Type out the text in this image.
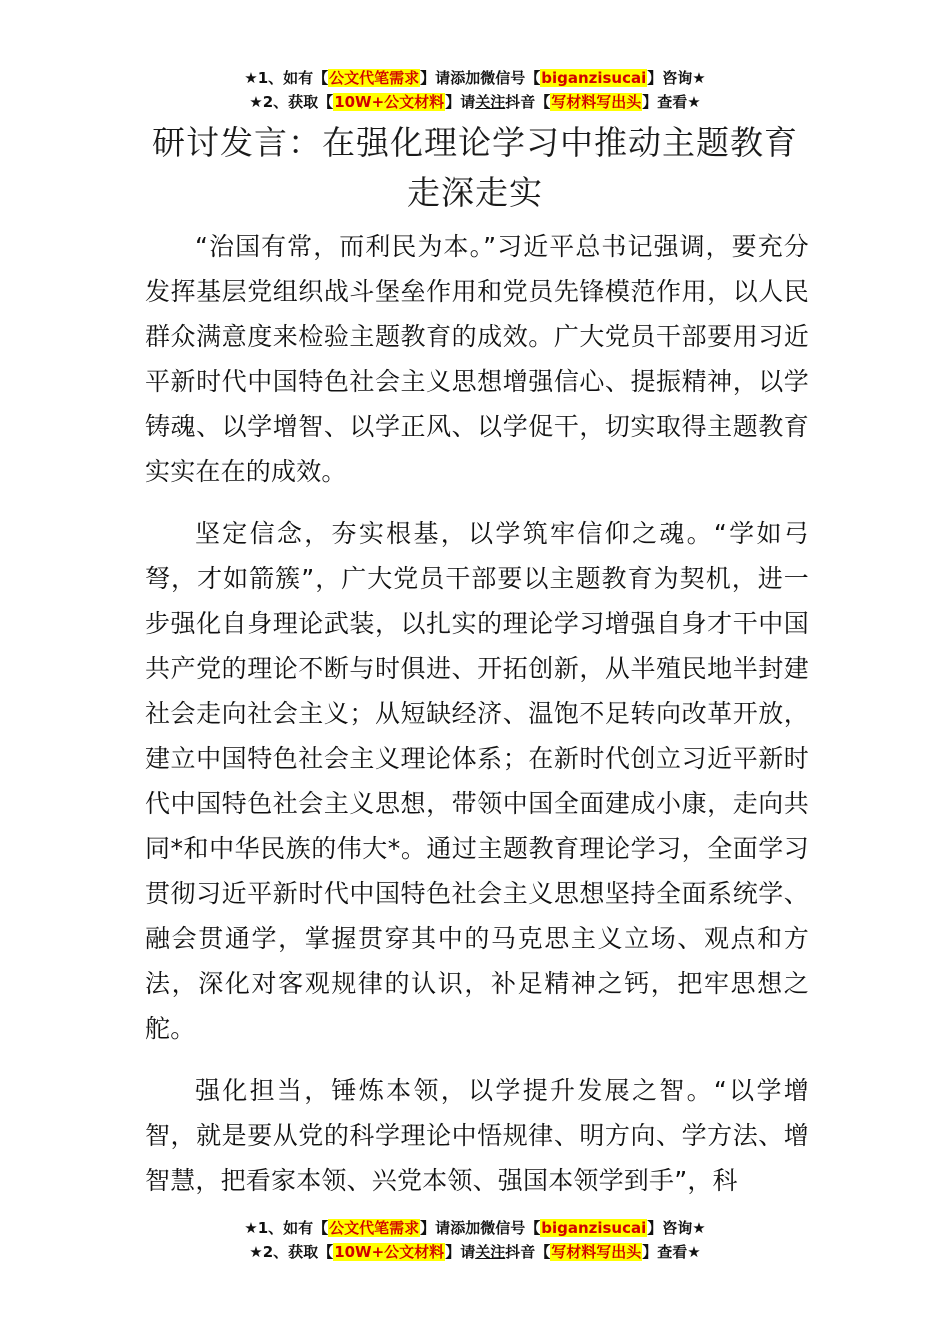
★1、如有【公文代笔需求】请添加微信号【biganzisucai】咨询★
★2、获取【10W+公文材料】请关注抖音【写材料写出头】查看★
研讨发言：在强化理论学习中推动主题教育
走深走实

“治国有常，而利民为本。”习近平总书记强调，要充分发挥基层党组织战斗堡垒作用和党员先锋模范作用，以人民群众满意度来检验主题教育的成效。广大党员干部要用习近平新时代中国特色社会主义思想增强信心、提振精神，以学铸魂、以学增智、以学正风、以学促干，切实取得主题教育实实在在的成效。

坚定信念，夯实根基，以学筑牢信仰之魂。“学如弓弩，才如箭簇”，广大党员干部要以主题教育为契机，进一步强化自身理论武装，以扎实的理论学习增强自身才干中国共产党的理论不断与时俱进、开拓创新，从半殖民地半封建社会走向社会主义；从短缺经济、温饱不足转向改革开放，建立中国特色社会主义理论体系；在新时代创立习近平新时代中国特色社会主义思想，带领中国全面建成小康，走向共同*和中华民族的伟大*。通过主题教育理论学习，全面学习贯彻习近平新时代中国特色社会主义思想坚持全面系统学、融会贯通学，掌握贯穿其中的马克思主义立场、观点和方法，深化对客观规律的认识，补足精神之钙，把牢思想之舵。

强化担当，锤炼本领，以学提升发展之智。“以学增智，就是要从党的科学理论中悟规律、明方向、学方法、增智慧，把看家本领、兴党本领、强国本领学到手”，科

★1、如有【公文代笔需求】请添加微信号【biganzisucai】咨询★
★2、获取【10W+公文材料】请关注抖音【写材料写出头】查看★
